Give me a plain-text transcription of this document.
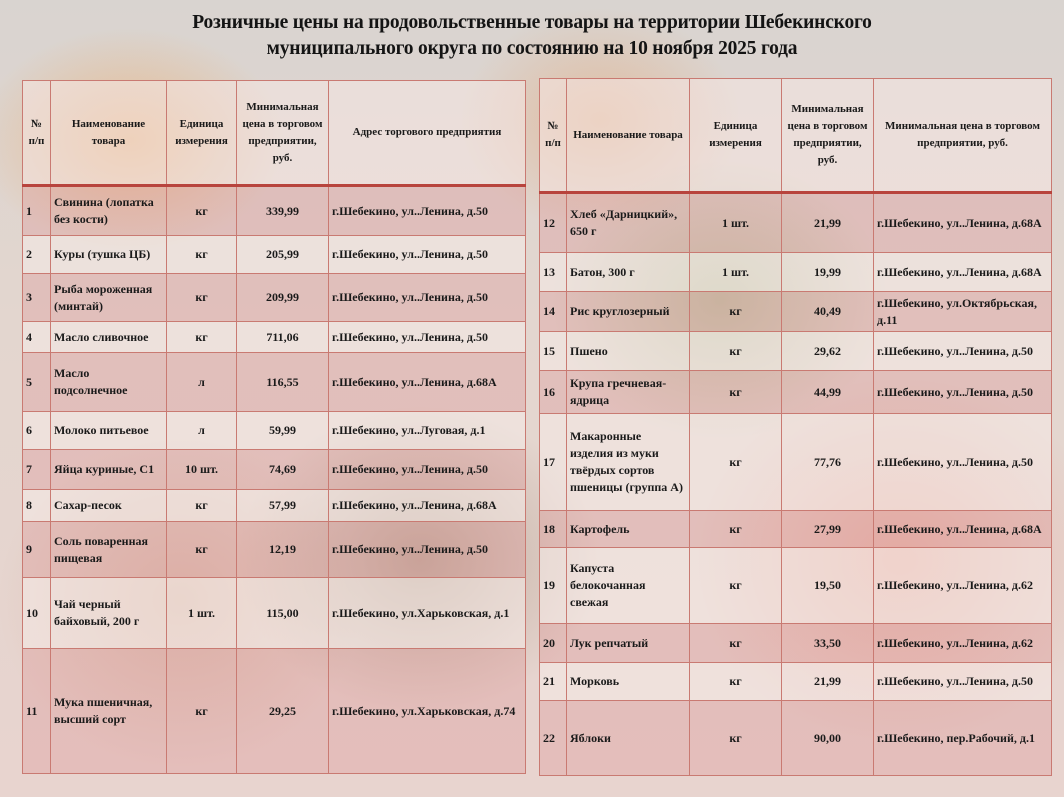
Розничные цены на продовольственные товары на территории Шебекинского
муниципального округа по состоянию на 10 ноября 2025 года
№ п/п	Наименование товара	Единица измерения	Минимальная цена в торговом предприятии, руб.	Адрес торгового предприятия
1	Свинина (лопатка без кости)	кг	339,99	г.Шебекино, ул..Ленина, д.50
2	Куры (тушка ЦБ)	кг	205,99	г.Шебекино, ул..Ленина, д.50
3	Рыба мороженная (минтай)	кг	209,99	г.Шебекино, ул..Ленина, д.50
4	Масло сливочное	кг	711,06	г.Шебекино, ул..Ленина, д.50
5	Масло подсолнечное	л	116,55	г.Шебекино, ул..Ленина, д.68А
6	Молоко питьевое	л	59,99	г.Шебекино, ул..Луговая, д.1
7	Яйца куриные, С1	10 шт.	74,69	г.Шебекино, ул..Ленина, д.50
8	Сахар-песок	кг	57,99	г.Шебекино, ул..Ленина, д.68А
9	Соль поваренная пищевая	кг	12,19	г.Шебекино, ул..Ленина, д.50
10	Чай черный байховый, 200 г	1 шт.	115,00	г.Шебекино, ул.Харьковская, д.1
11	Мука пшеничная, высший сорт	кг	29,25	г.Шебекино, ул.Харьковская, д.74
№ п/п	Наименование товара	Единица измерения	Минимальная цена в торговом предприятии, руб.	Минимальная цена в торговом предприятии, руб.
12	Хлеб «Дарницкий», 650 г	1 шт.	21,99	г.Шебекино, ул..Ленина, д.68А
13	Батон, 300 г	1 шт.	19,99	г.Шебекино, ул..Ленина, д.68А
14	Рис круглозерный	кг	40,49	г.Шебекино, ул.Октябрьская, д.11
15	Пшено	кг	29,62	г.Шебекино, ул..Ленина, д.50
16	Крупа гречневая-ядрица	кг	44,99	г.Шебекино, ул..Ленина, д.50
17	Макаронные изделия из муки твёрдых сортов пшеницы (группа А)	кг	77,76	г.Шебекино, ул..Ленина, д.50
18	Картофель	кг	27,99	г.Шебекино, ул..Ленина, д.68А
19	Капуста белокочанная свежая	кг	19,50	г.Шебекино, ул..Ленина, д.62
20	Лук репчатый	кг	33,50	г.Шебекино, ул..Ленина, д.62
21	Морковь	кг	21,99	г.Шебекино, ул..Ленина, д.50
22	Яблоки	кг	90,00	г.Шебекино, пер.Рабочий, д.1
